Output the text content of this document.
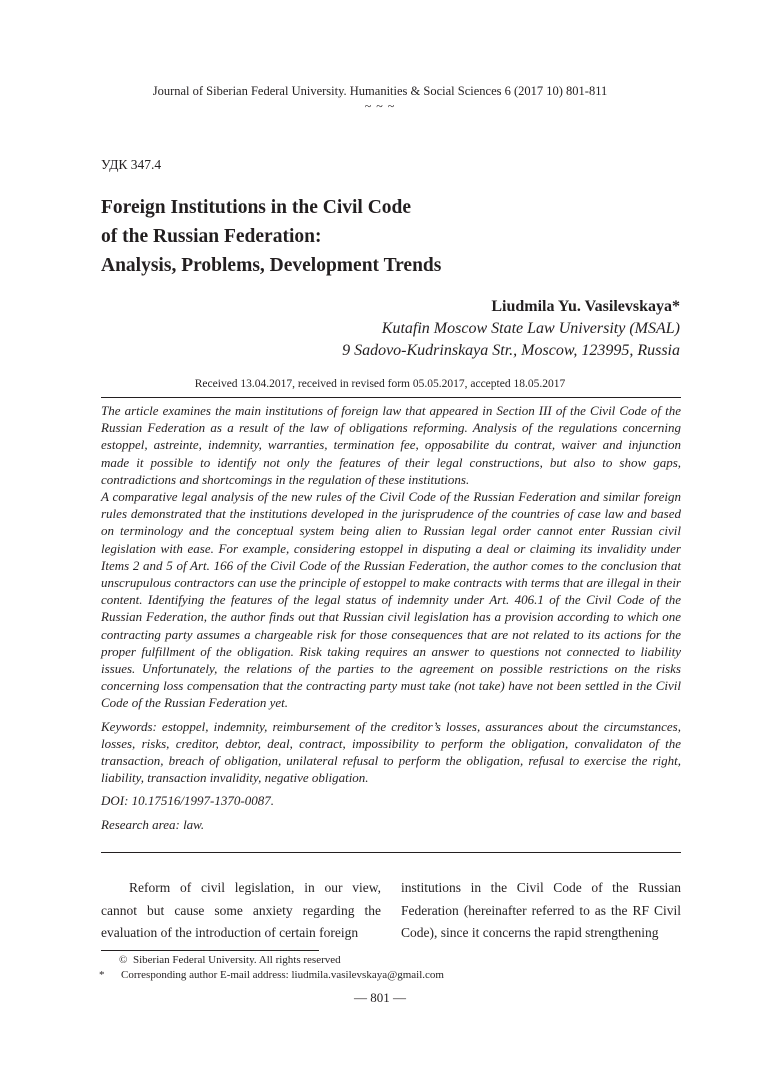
Journal of Siberian Federal University. Humanities & Social Sciences 6 (2017 10) 801-811
~ ~ ~
УДК 347.4
Foreign Institutions in the Civil Code
of the Russian Federation:
Analysis, Problems, Development Trends
Liudmila Yu. Vasilevskaya*
Kutafin Moscow State Law University (MSAL)
9 Sadovo-Kudrinskaya Str., Moscow, 123995, Russia
Received 13.04.2017, received in revised form 05.05.2017, accepted 18.05.2017

The article examines the main institutions of foreign law that appeared in Section III of the Civil Code of the Russian Federation as a result of the law of obligations reforming. Analysis of the regulations concerning estoppel, astreinte, indemnity, warranties, termination fee, opposabilite du contrat, waiver and injunction made it possible to identify not only the features of their legal constructions, but also to show gaps, contradictions and shortcomings in the regulation of these institutions.

A comparative legal analysis of the new rules of the Civil Code of the Russian Federation and similar foreign rules demonstrated that the institutions developed in the jurisprudence of the countries of case law and based on terminology and the conceptual system being alien to Russian legal order cannot enter Russian civil legislation with ease. For example, considering estoppel in disputing a deal or claiming its invalidity under Items 2 and 5 of Art. 166 of the Civil Code of the Russian Federation, the author comes to the conclusion that unscrupulous contractors can use the principle of estoppel to make contracts with terms that are illegal in their content. Identifying the features of the legal status of indemnity under Art. 406.1 of the Civil Code of the Russian Federation, the author finds out that Russian civil legislation has a provision according to which one contracting party assumes a chargeable risk for those consequences that are not related to its actions for the proper fulfillment of the obligation. Risk taking requires an answer to questions not connected to liability issues. Unfortunately, the relations of the parties to the agreement on possible restrictions on the risks concerning loss compensation that the contracting party must take (not take) have not been settled in the Civil Code of the Russian Federation yet.

Keywords: estoppel, indemnity, reimbursement of the creditor’s losses, assurances about the circumstances, losses, risks, creditor, debtor, deal, contract, impossibility to perform the obligation, convalidaton of the transaction, breach of obligation, unilateral refusal to perform the obligation, refusal to exercise the right, liability, transaction invalidity, negative obligation.

DOI: 10.17516/1997-1370-0087.

Research area: law.

Reform of civil legislation, in our view, cannot but cause some anxiety regarding the evaluation of the introduction of certain foreign

institutions in the Civil Code of the Russian Federation (hereinafter referred to as the RF Civil Code), since it concerns the rapid strengthening

© Siberian Federal University. All rights reserved
* Corresponding author E-mail address: liudmila.vasilevskaya@gmail.com
— 801 —
